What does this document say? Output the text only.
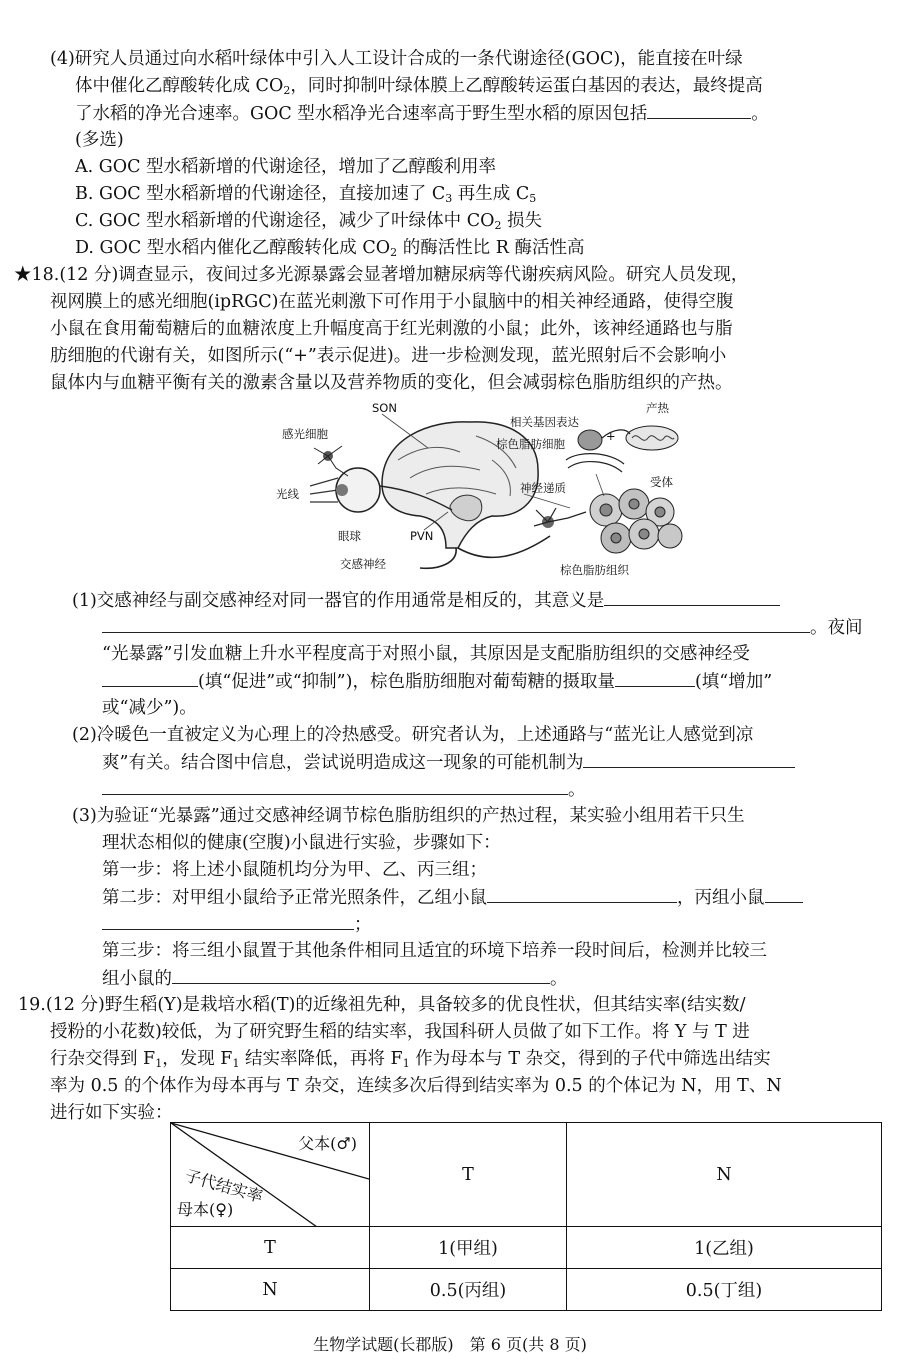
(4)研究人员通过向水稻叶绿体中引入人工设计合成的一条代谢途径(GOC)，能直接在叶绿
体中催化乙醇酸转化成 $CO_2$，同时抑制叶绿体膜上乙醇酸转运蛋白基因的表达，最终提高
了水稻的净光合速率。GOC 型水稻净光合速率高于野生型水稻的原因包括	。
(多选)
A. GOC 型水稻新增的代谢途径，增加了乙醇酸利用率
B. GOC 型水稻新增的代谢途径，直接加速了 $C_3$ 再生成 $C_5$
C. GOC 型水稻新增的代谢途径，减少了叶绿体中 $CO_2$ 损失
D. GOC 型水稻内催化乙醇酸转化成 $CO_2$ 的酶活性比 R 酶活性高
★18.(12 分)调查显示，夜间过多光源暴露会显著增加糖尿病等代谢疾病风险。研究人员发现，
视网膜上的感光细胞(ipRGC)在蓝光刺激下可作用于小鼠脑中的相关神经通路，使得空腹
小鼠在食用葡萄糖后的血糖浓度上升幅度高于红光刺激的小鼠；此外，该神经通路也与脂
肪细胞的代谢有关，如图所示(“+”表示促进)。进一步检测发现，蓝光照射后不会影响小
鼠体内与血糖平衡有关的激素含量以及营养物质的变化，但会减弱棕色脂肪组织的产热。
SON
感光细胞
光线
眼球	PVN
交感神经
相关基因表达
产热
+
棕色脂肪细胞
神经递质	受体
棕色脂肪组织
(1)交感神经与副交感神经对同一器官的作用通常是相反的，其意义是
。夜间
“光暴露”引发血糖上升水平程度高于对照小鼠，其原因是支配脂肪组织的交感神经受
(填“促进”或“抑制”)，棕色脂肪细胞对葡萄糖的摄取量	(填“增加”
或“减少”)。
(2)冷暖色一直被定义为心理上的冷热感受。研究者认为，上述通路与“蓝光让人感觉到凉
爽”有关。结合图中信息，尝试说明造成这一现象的可能机制为
。
(3)为验证“光暴露”通过交感神经调节棕色脂肪组织的产热过程，某实验小组用若干只生
理状态相似的健康(空腹)小鼠进行实验，步骤如下：
第一步：将上述小鼠随机均分为甲、乙、丙三组；
第二步：对甲组小鼠给予正常光照条件，乙组小鼠	，丙组小鼠
；
第三步：将三组小鼠置于其他条件相同且适宜的环境下培养一段时间后，检测并比较三
组小鼠的	。
19.(12 分)野生稻(Y)是栽培水稻(T)的近缘祖先种，具备较多的优良性状，但其结实率(结实数/
授粉的小花数)较低，为了研究野生稻的结实率，我国科研人员做了如下工作。将 Y 与 T 进
行杂交得到 $F_1$，发现 $F_1$ 结实率降低，再将 $F_1$ 作为母本与 T 杂交，得到的子代中筛选出结实
率为 0.5 的个体作为母本再与 T 杂交，连续多次后得到结实率为 0.5 的个体记为 N，用 T、N
进行如下实验：
父本(♂)
子代结实率
母本(♀)	T	N
T	1(甲组)	1(乙组)
N	0.5(丙组)	0.5(丁组)
生物学试题(长郡版)　第 6 页(共 8 页)
